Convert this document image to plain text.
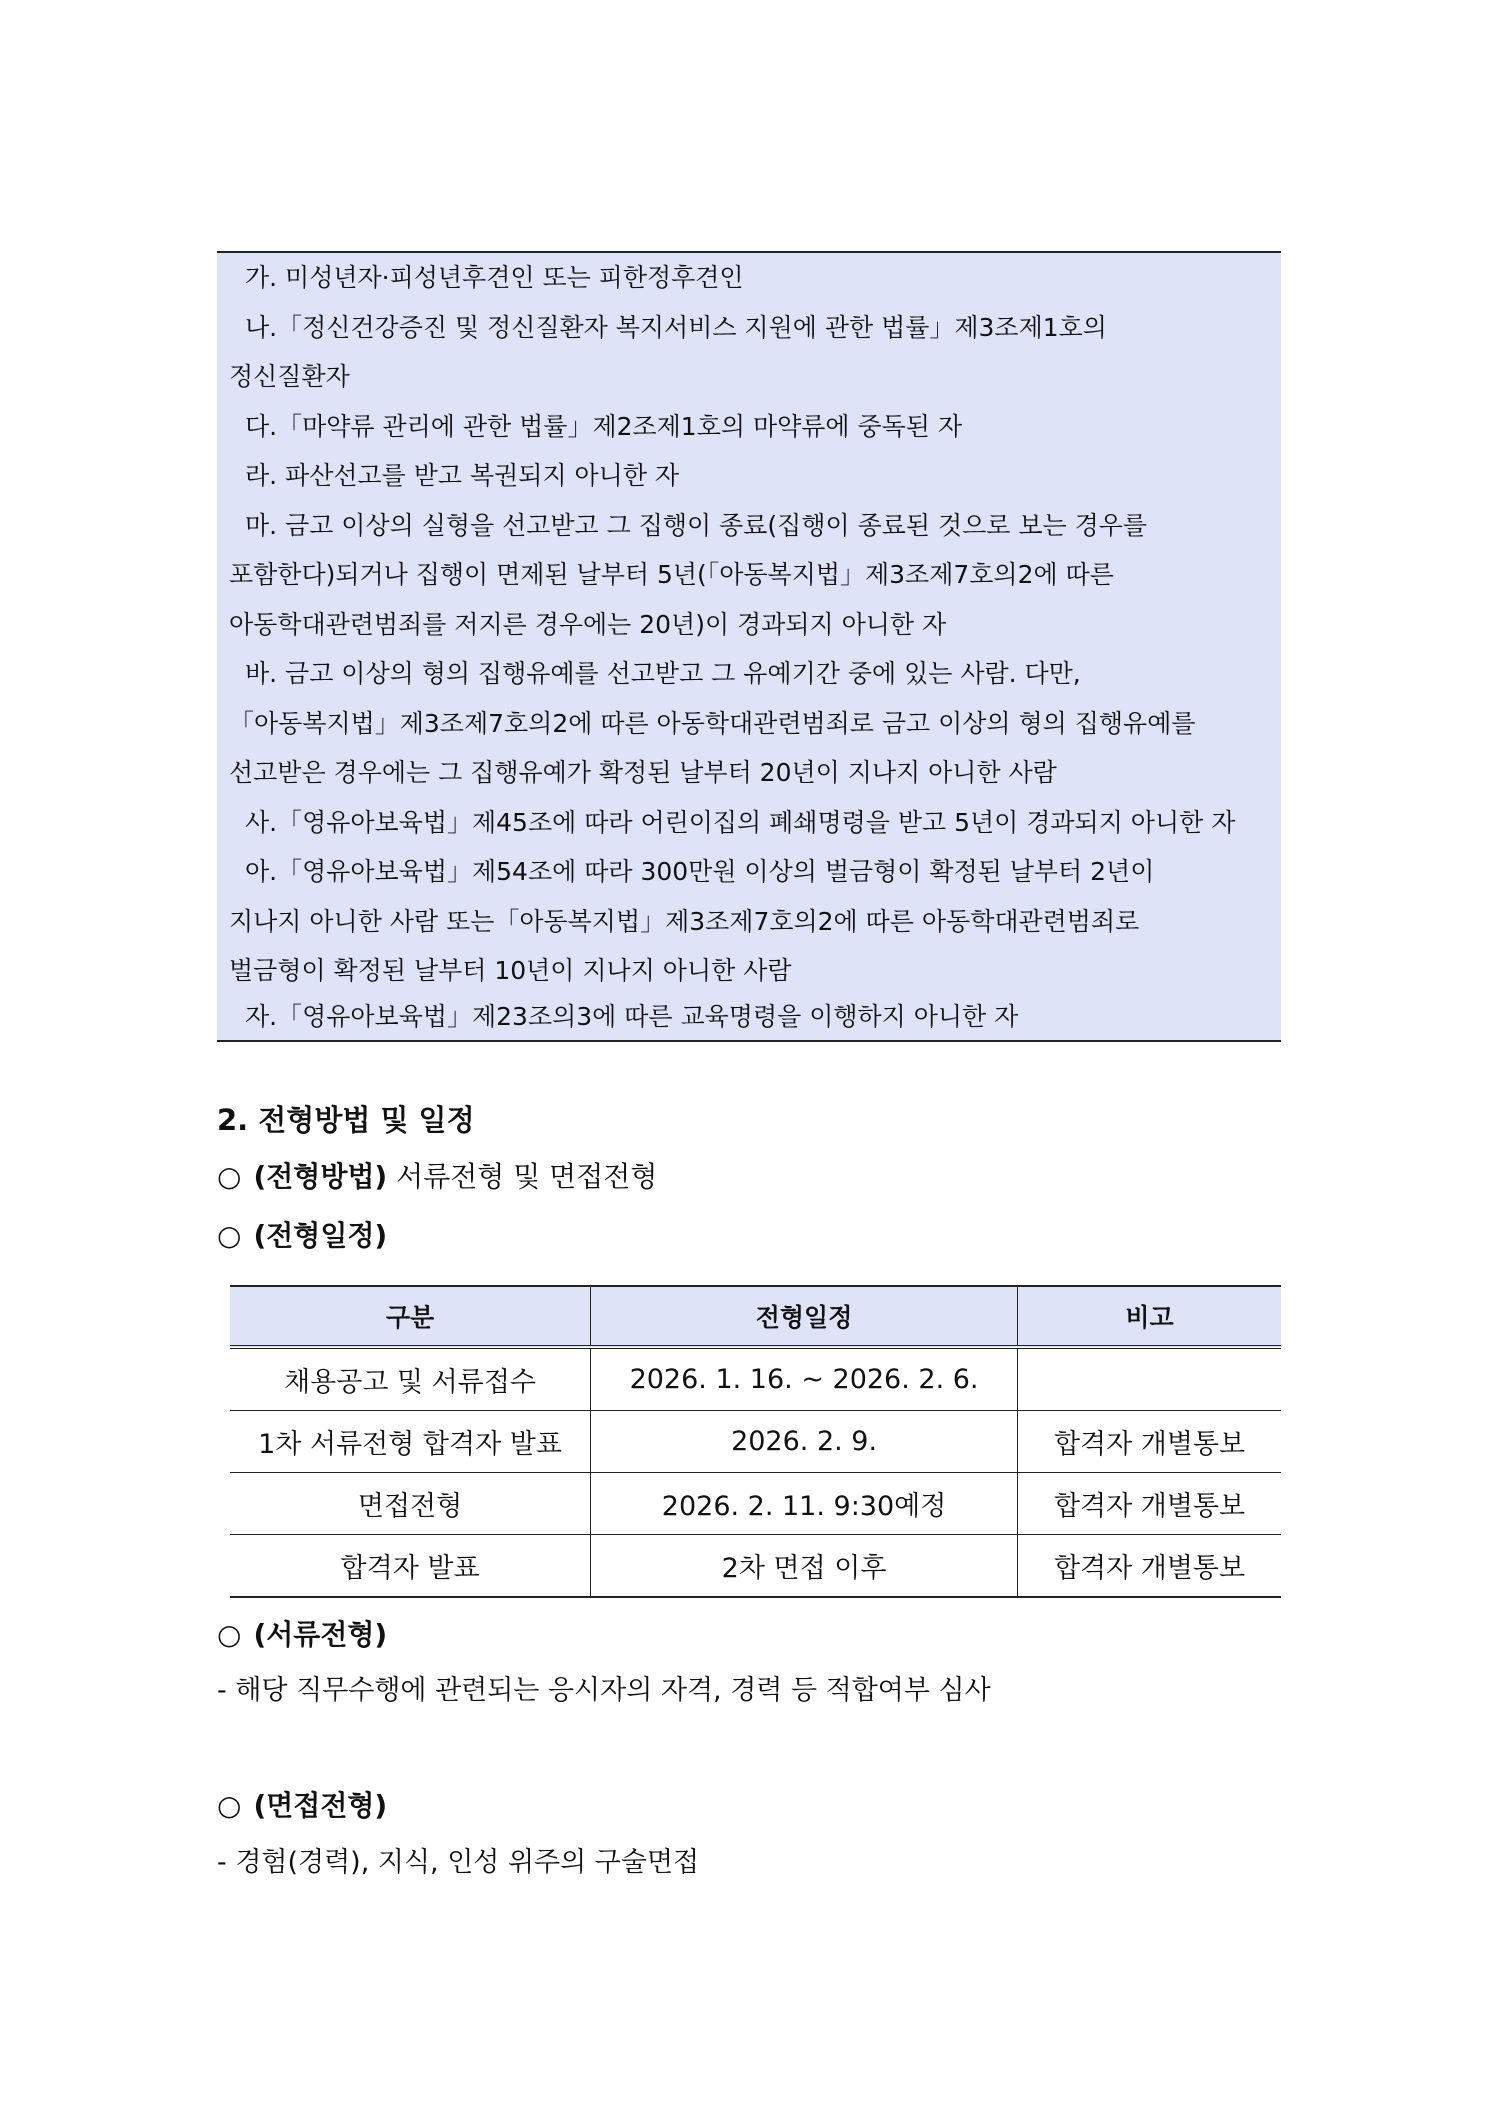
가. 미성년자·피성년후견인 또는 피한정후견인
나.「정신건강증진 및 정신질환자 복지서비스 지원에 관한 법률」제3조제1호의
정신질환자
다.「마약류 관리에 관한 법률」제2조제1호의 마약류에 중독된 자
라. 파산선고를 받고 복권되지 아니한 자
마. 금고 이상의 실형을 선고받고 그 집행이 종료(집행이 종료된 것으로 보는 경우를
포함한다)되거나 집행이 면제된 날부터 5년(「아동복지법」제3조제7호의2에 따른
아동학대관련범죄를 저지른 경우에는 20년)이 경과되지 아니한 자
바. 금고 이상의 형의 집행유예를 선고받고 그 유예기간 중에 있는 사람. 다만,
「아동복지법」제3조제7호의2에 따른 아동학대관련범죄로 금고 이상의 형의 집행유예를
선고받은 경우에는 그 집행유예가 확정된 날부터 20년이 지나지 아니한 사람
사.「영유아보육법」제45조에 따라 어린이집의 폐쇄명령을 받고 5년이 경과되지 아니한 자
아.「영유아보육법」제54조에 따라 300만원 이상의 벌금형이 확정된 날부터 2년이
지나지 아니한 사람 또는「아동복지법」제3조제7호의2에 따른 아동학대관련범죄로
벌금형이 확정된 날부터 10년이 지나지 아니한 사람
자.「영유아보육법」제23조의3에 따른 교육명령을 이행하지 아니한 자
2. 전형방법 및 일정
○ (전형방법) 서류전형 및 면접전형
○ (전형일정)
구분	전형일정	비고
채용공고 및 서류접수	2026. 1. 16. ~ 2026. 2. 6.	
1차 서류전형 합격자 발표	2026. 2. 9.	합격자 개별통보
면접전형	2026. 2. 11. 9:30예정	합격자 개별통보
합격자 발표	2차 면접 이후	합격자 개별통보
○ (서류전형)
- 해당 직무수행에 관련되는 응시자의 자격, 경력 등 적합여부 심사
○ (면접전형)
- 경험(경력), 지식, 인성 위주의 구술면접
